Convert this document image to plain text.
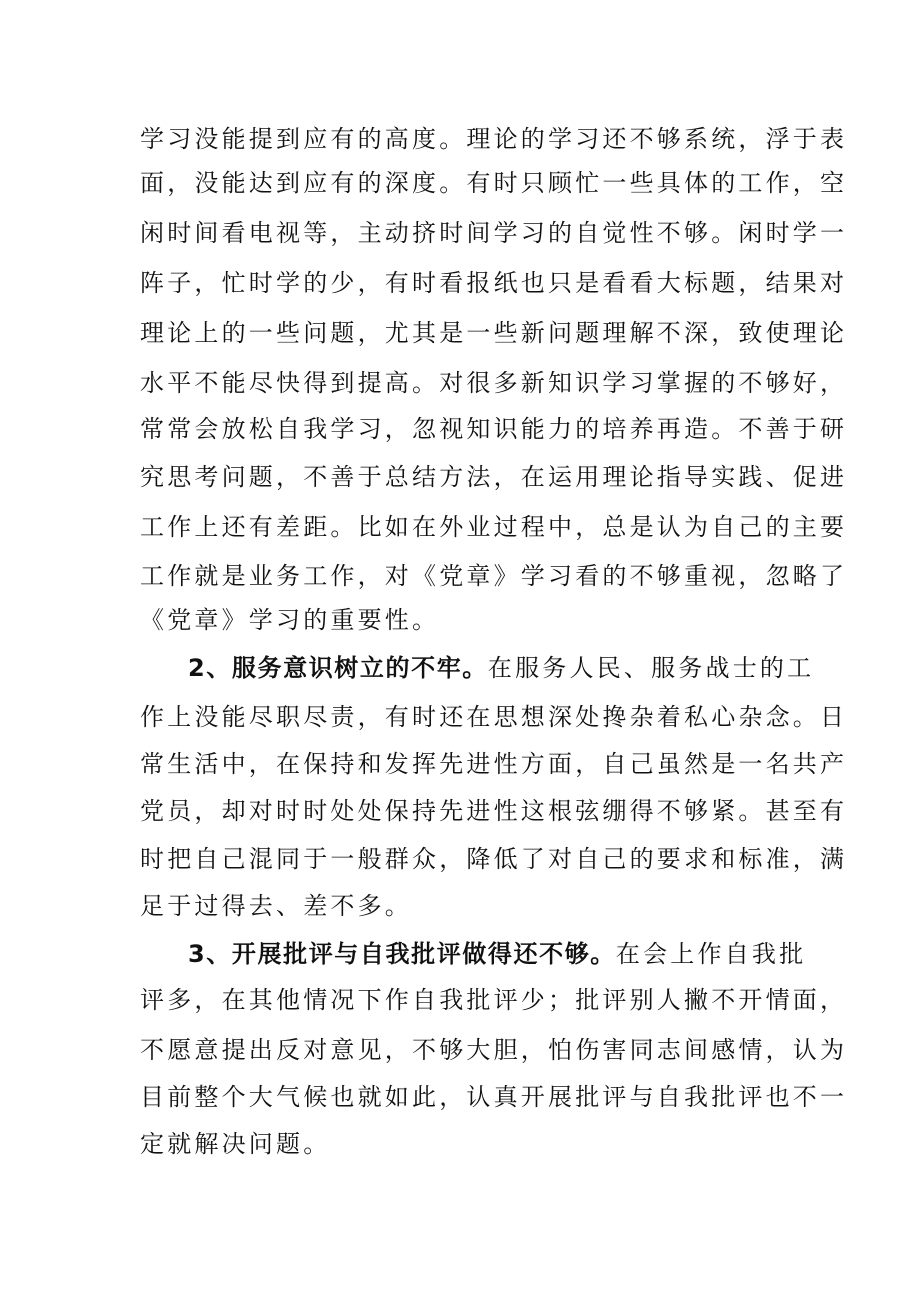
学习没能提到应有的高度。理论的学习还不够系统，浮于表
面，没能达到应有的深度。有时只顾忙一些具体的工作，空
闲时间看电视等，主动挤时间学习的自觉性不够。闲时学一
阵子，忙时学的少，有时看报纸也只是看看大标题，结果对
理论上的一些问题，尤其是一些新问题理解不深，致使理论
水平不能尽快得到提高。对很多新知识学习掌握的不够好，
常常会放松自我学习，忽视知识能力的培养再造。不善于研
究思考问题，不善于总结方法，在运用理论指导实践、促进
工作上还有差距。比如在外业过程中，总是认为自己的主要
工作就是业务工作，对《党章》学习看的不够重视，忽略了
《党章》学习的重要性。
2、服务意识树立的不牢。在服务人民、服务战士的工
作上没能尽职尽责，有时还在思想深处搀杂着私心杂念。日
常生活中，在保持和发挥先进性方面，自己虽然是一名共产
党员，却对时时处处保持先进性这根弦绷得不够紧。甚至有
时把自己混同于一般群众，降低了对自己的要求和标准，满
足于过得去、差不多。
3、开展批评与自我批评做得还不够。在会上作自我批
评多，在其他情况下作自我批评少；批评别人撇不开情面，
不愿意提出反对意见，不够大胆，怕伤害同志间感情，认为
目前整个大气候也就如此，认真开展批评与自我批评也不一
定就解决问题。
